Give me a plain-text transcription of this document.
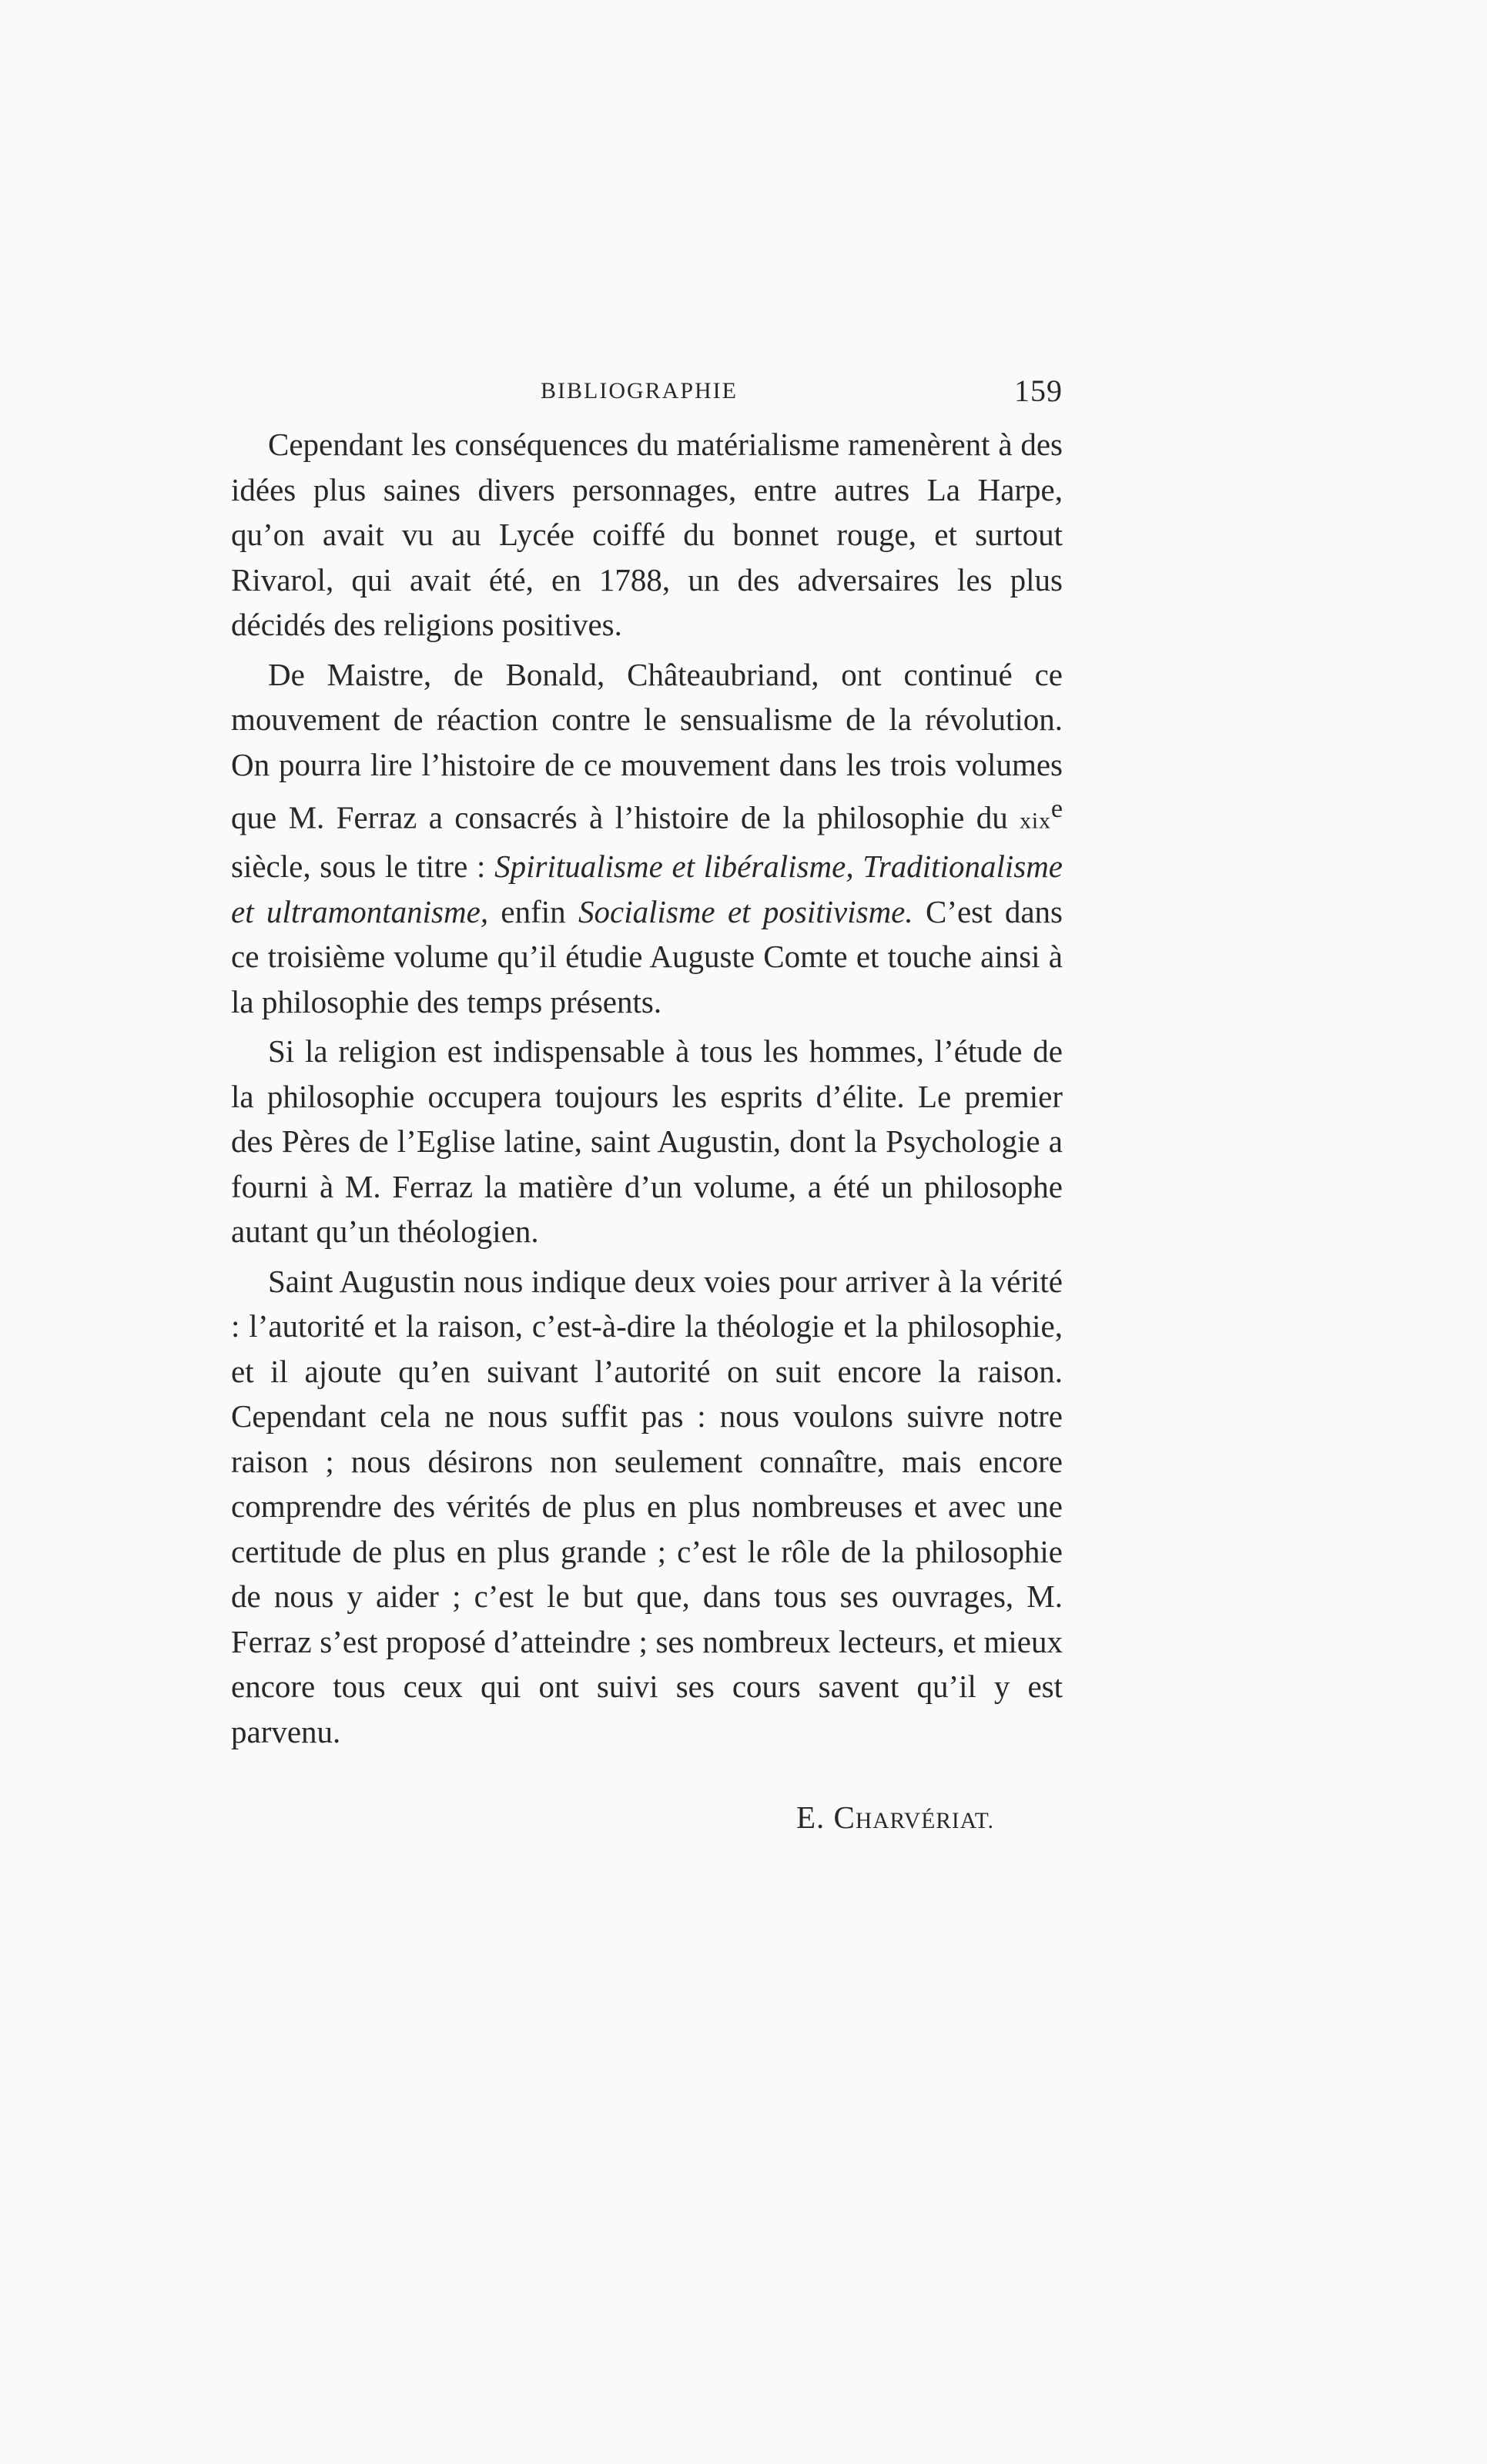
BIBLIOGRAPHIE	159

Cependant les conséquences du matérialisme ramenèrent à des idées plus saines divers personnages, entre autres La Harpe, qu’on avait vu au Lycée coiffé du bonnet rouge, et surtout Rivarol, qui avait été, en 1788, un des adversaires les plus décidés des religions positives.

De Maistre, de Bonald, Châteaubriand, ont continué ce mouvement de réaction contre le sensualisme de la révolution. On pourra lire l’histoire de ce mouvement dans les trois volumes que M. Ferraz a consacrés à l’histoire de la philosophie du xix$^e$ siècle, sous le titre : Spiritualisme et libéralisme, Traditionalisme et ultramontanisme, enfin Socialisme et positivisme. C’est dans ce troisième volume qu’il étudie Auguste Comte et touche ainsi à la philosophie des temps présents.

Si la religion est indispensable à tous les hommes, l’étude de la philosophie occupera toujours les esprits d’élite. Le premier des Pères de l’Eglise latine, saint Augustin, dont la Psychologie a fourni à M. Ferraz la matière d’un volume, a été un philosophe autant qu’un théologien.

Saint Augustin nous indique deux voies pour arriver à la vérité : l’autorité et la raison, c’est-à-dire la théologie et la philosophie, et il ajoute qu’en suivant l’autorité on suit encore la raison. Cependant cela ne nous suffit pas : nous voulons suivre notre raison ; nous désirons non seulement connaître, mais encore comprendre des vérités de plus en plus nombreuses et avec une certitude de plus en plus grande ; c’est le rôle de la philosophie de nous y aider ; c’est le but que, dans tous ses ouvrages, M. Ferraz s’est proposé d’atteindre ; ses nombreux lecteurs, et mieux encore tous ceux qui ont suivi ses cours savent qu’il y est parvenu.

E. CHARVÉRIAT.
